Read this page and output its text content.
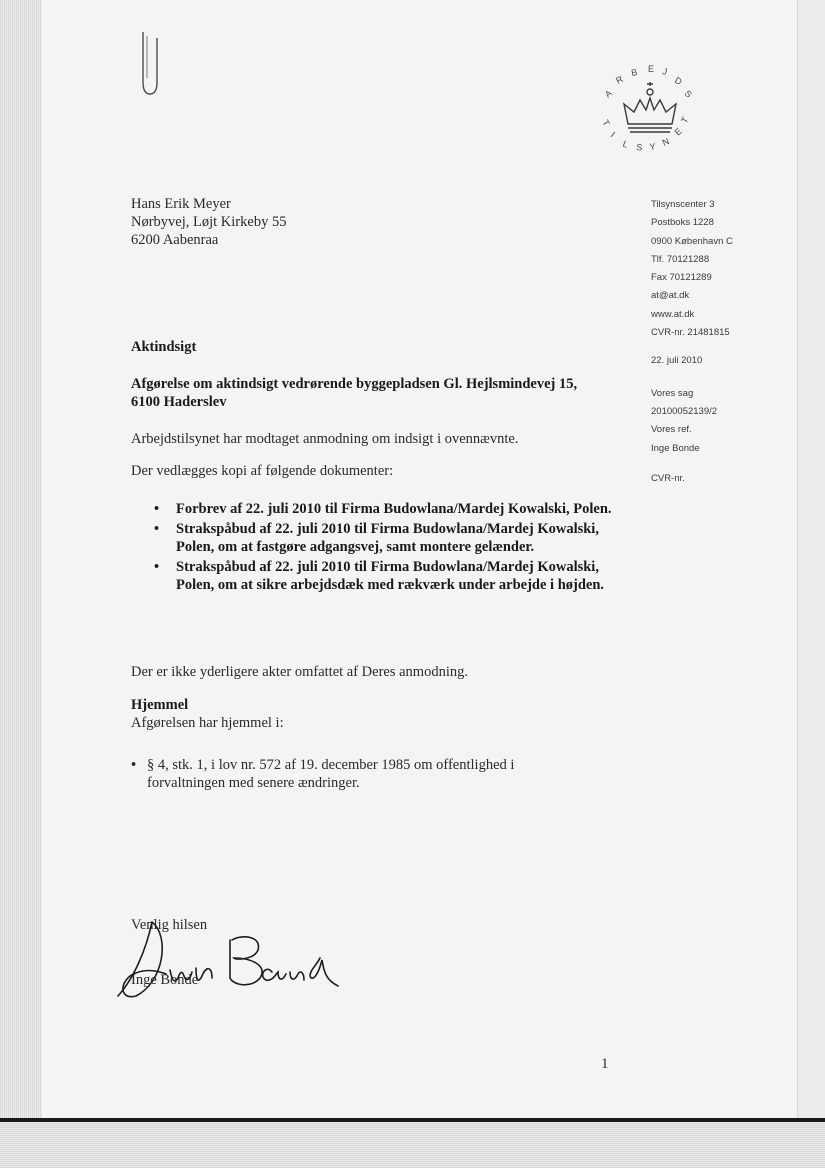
A
R
B E J
D
S
T
I
L S Y N
E
T
Hans Erik Meyer
Nørbyvej, Løjt Kirkeby 55
6200 Aabenraa
Tilsynscenter 3
Postboks 1228
0900 København C
Tlf. 70121288
Fax 70121289
at@at.dk
www.at.dk
CVR-nr. 21481815
22. juli 2010
Vores sag
20100052139/2
Vores ref.
Inge Bonde
CVR-nr.
Aktindsigt
Afgørelse om aktindsigt vedrørende byggepladsen Gl. Hejlsmindevej 15,
6100 Haderslev
Arbejdstilsynet har modtaget anmodning om indsigt i ovennævnte.
Der vedlægges kopi af følgende dokumenter:
• Forbrev af 22. juli 2010 til Firma Budowlana/Mardej Kowalski, Polen.
• Strakspåbud af 22. juli 2010 til Firma Budowlana/Mardej Kowalski, Polen, om at fastgøre adgangsvej, samt montere gelænder.
• Strakspåbud af 22. juli 2010 til Firma Budowlana/Mardej Kowalski, Polen, om at sikre arbejdsdæk med rækværk under arbejde i højden.
Der er ikke yderligere akter omfattet af Deres anmodning.
Hjemmel
Afgørelsen har hjemmel i:
• § 4, stk. 1, i lov nr. 572 af 19. december 1985 om offentlighed i forvaltningen med senere ændringer.
Venlig hilsen
Inge Bonde
1
